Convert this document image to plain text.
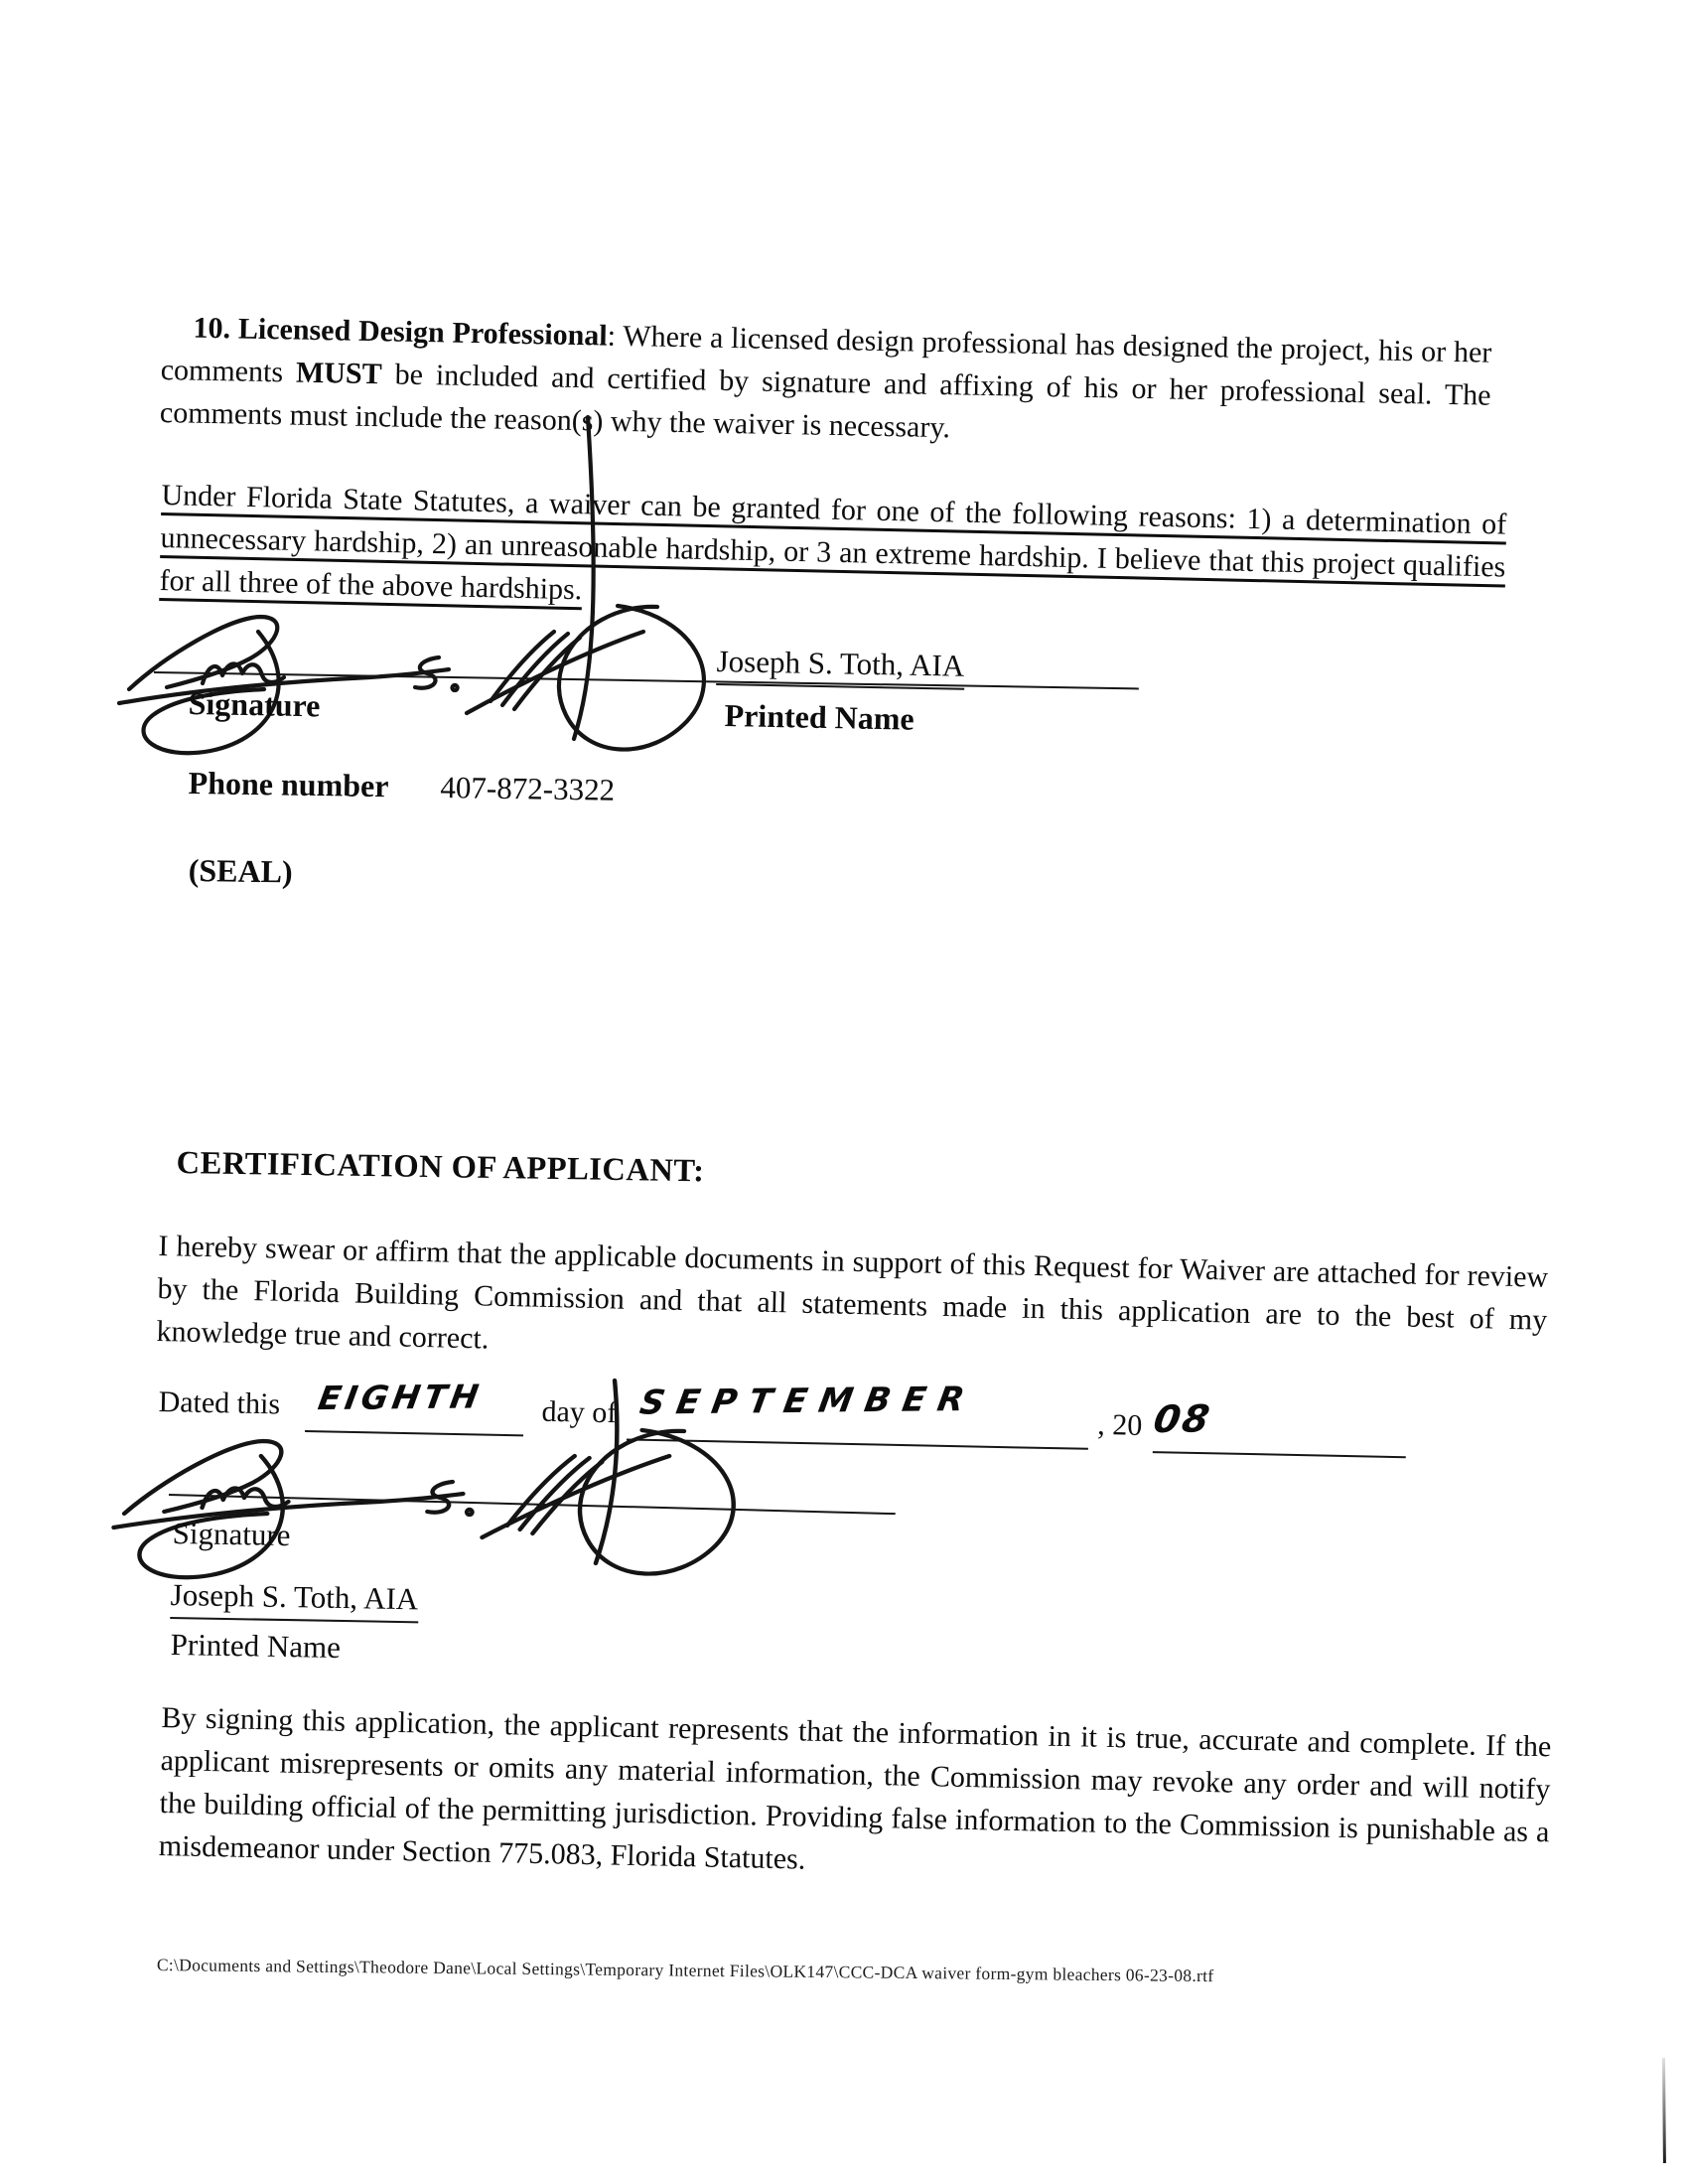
10. Licensed Design Professional: Where a licensed design professional has designed the project, his or her comments MUST be included and certified by signature and affixing of his or her professional seal. The comments must include the reason(s) why the waiver is necessary.
Under Florida State Statutes, a waiver can be granted for one of the following reasons: 1) a determination of unnecessary hardship, 2) an unreasonable hardship, or 3 an extreme hardship. I believe that this project qualifies for all three of the above hardships.
Joseph S. Toth, AIA
Signature	Printed Name
Phone number 407-872-3322
(SEAL)
CERTIFICATION OF APPLICANT:
I hereby swear or affirm that the applicable documents in support of this Request for Waiver are attached for review by the Florida Building Commission and that all statements made in this application are to the best of my knowledge true and correct.
Dated this EIGHTH day of SEPTEMBER
, 20 08
Signature
Joseph S. Toth, AIA
Printed Name
By signing this application, the applicant represents that the information in it is true, accurate and complete. If the applicant misrepresents or omits any material information, the Commission may revoke any order and will notify the building official of the permitting jurisdiction. Providing false information to the Commission is punishable as a misdemeanor under Section 775.083, Florida Statutes.
C:\Documents and Settings\Theodore Dane\Local Settings\Temporary Internet Files\OLK147\CCC-DCA waiver form-gym bleachers 06-23-08.rtf
